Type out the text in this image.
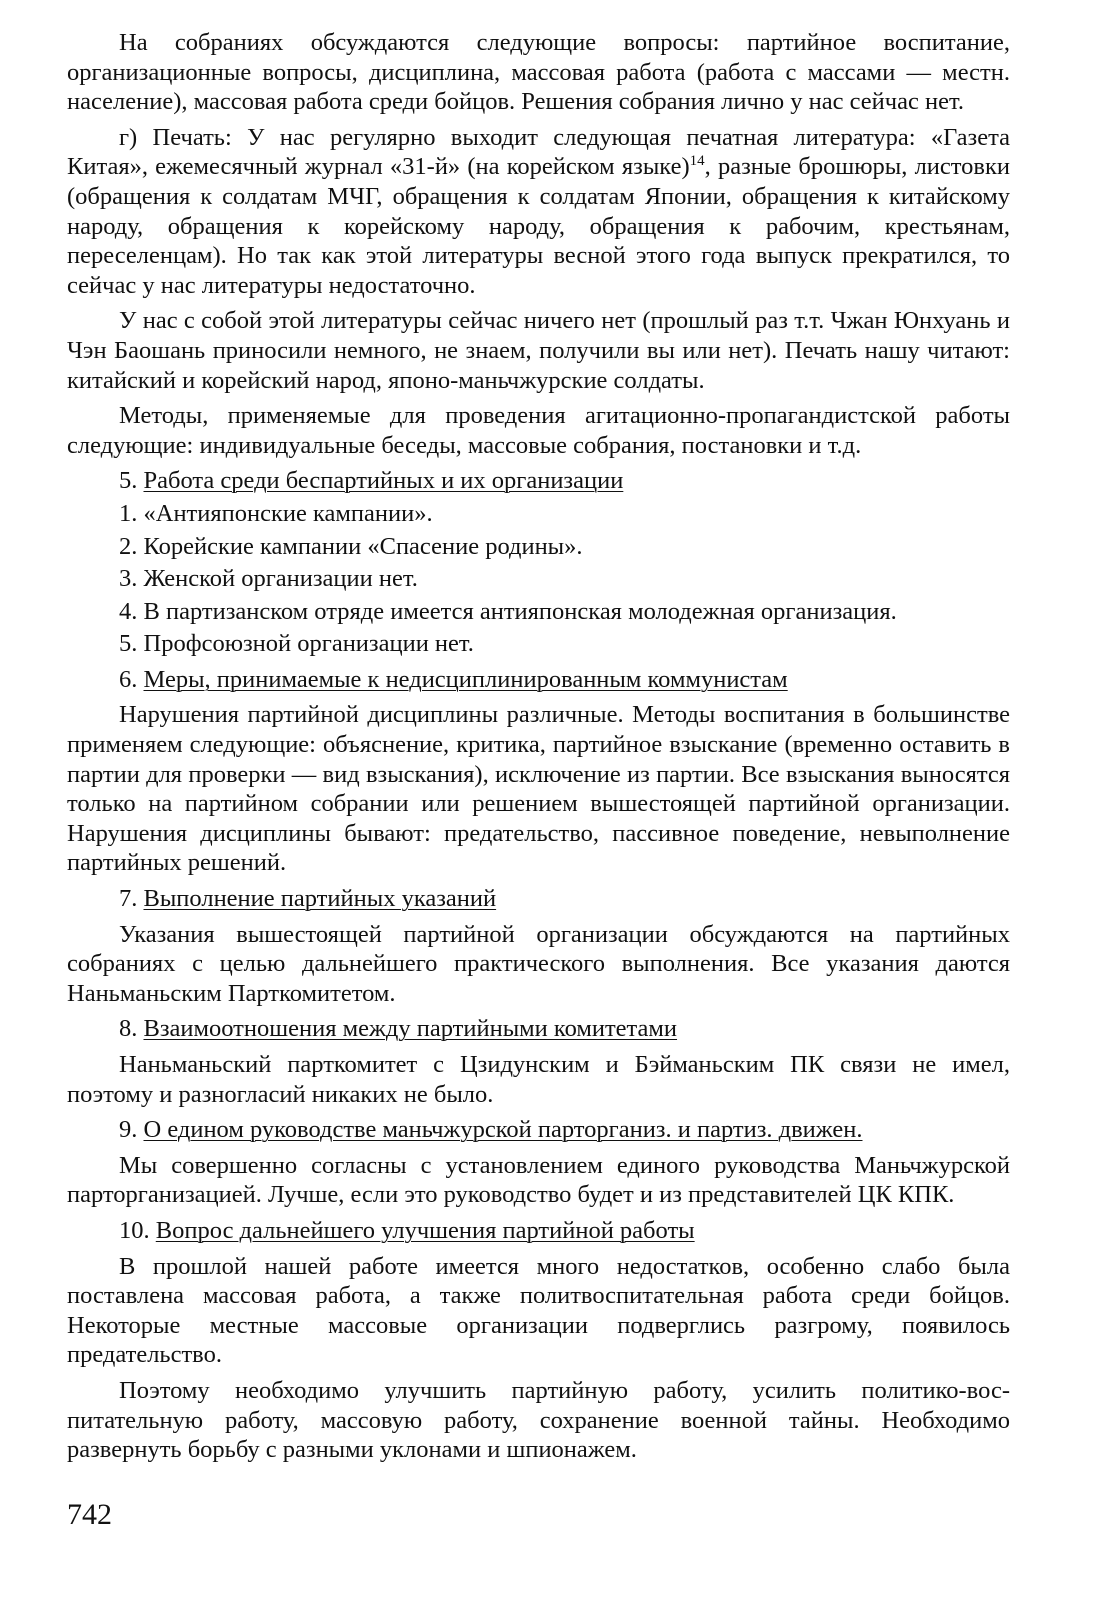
На собраниях обсуждаются следующие вопросы: партийное воспитание, организационные вопросы, дисциплина, массовая работа (работа с массами — местн. население), массовая работа среди бойцов. Решения собрания лично у нас сейчас нет.

г) Печать: У нас регулярно выходит следующая печатная литература: «Газета Китая», ежемесячный журнал «31-й» (на корейском языке)$^{14}$, разные брошюры, листовки (обращения к солдатам МЧГ, обращения к солдатам Японии, обращения к китайскому народу, обращения к корейскому народу, обращения к рабочим, крестьянам, переселенцам). Но так как этой литературы весной этого года выпуск прекратился, то сейчас у нас литературы недостаточно.

У нас с собой этой литературы сейчас ничего нет (прошлый раз т.т. Чжан Юнхуань и Чэн Баошань приносили немного, не знаем, получили вы или нет). Печать нашу читают: китайский и корейский народ, японо-маньчжурские солдаты.

Методы, применяемые для проведения агитационно-пропагандистской работы следующие: индивидуальные беседы, массовые собрания, постановки и т.д.

5. Работа среди беспартийных и их организации

1. «Антияпонские кампании».

2. Корейские кампании «Спасение родины».

3. Женской организации нет.

4. В партизанском отряде имеется антияпонская молодежная организация.

5. Профсоюзной организации нет.

6. Меры, принимаемые к недисциплинированным коммунистам

Нарушения партийной дисциплины различные. Методы воспитания в большинстве применяем следующие: объяснение, критика, партийное взыскание (временно оставить в партии для проверки — вид взыскания), исключение из партии. Все взыскания выносятся только на партийном собрании или решением вышестоящей партийной организации. Нарушения дисциплины бывают: предательство, пассивное поведение, невыполнение партийных решений.

7. Выполнение партийных указаний

Указания вышестоящей партийной организации обсуждаются на партийных собраниях с целью дальнейшего практического выполнения. Все указания даются Наньманьским Парткомитетом.

8. Взаимоотношения между партийными комитетами

Наньманьский парткомитет с Цзидунским и Бэйманьским ПК связи не имел, поэтому и разногласий никаких не было.

9. О едином руководстве маньчжурской парторганиз. и партиз. движен.

Мы совершенно согласны с установлением единого руководства Маньчжурской парторганизацией. Лучше, если это руководство будет и из представителей ЦК КПК.

10. Вопрос дальнейшего улучшения партийной работы

В прошлой нашей работе имеется много недостатков, особенно слабо была поставлена массовая работа, а также политвоспитательная работа среди бойцов. Некоторые местные массовые организации подверглись разгрому, появилось предательство.

Поэтому необходимо улучшить партийную работу, усилить политико-воспитательную работу, массовую работу, сохранение военной тайны. Необходимо развернуть борьбу с разными уклонами и шпионажем.

742
